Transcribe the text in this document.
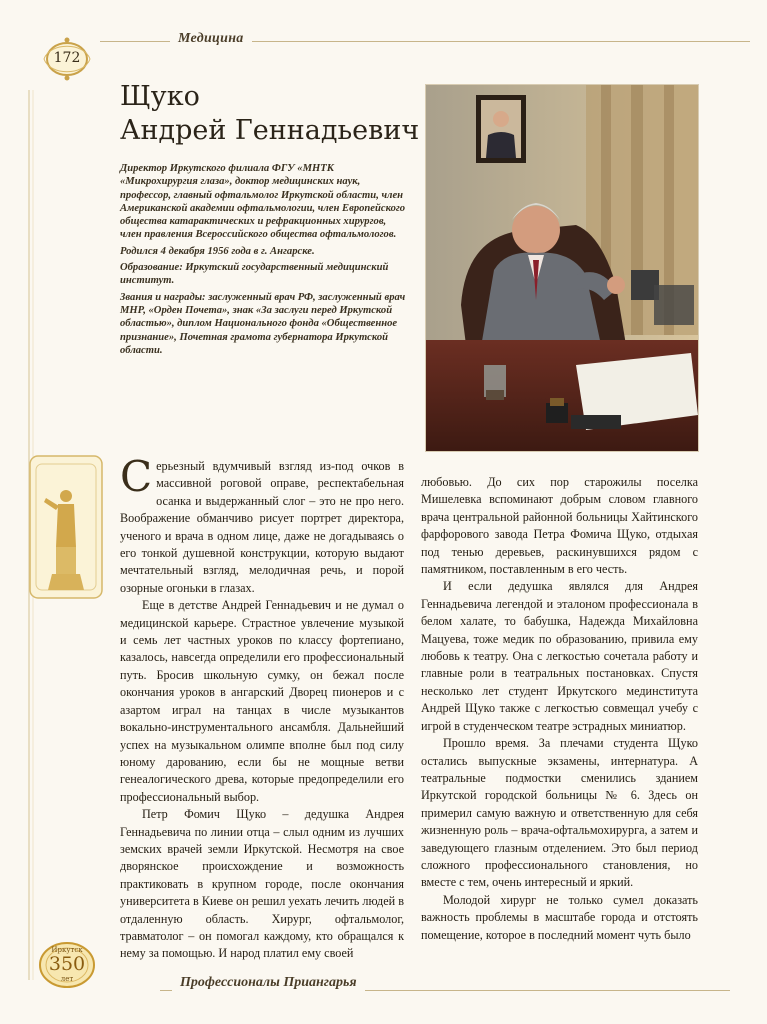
172
Медицина
Щуко
Андрей Геннадьевич

Директор Иркутского филиала ФГУ «МНТК «Микрохирургия глаза», доктор медицинских наук, профессор, главный офтальмолог Иркутской области, член Американской академии офтальмологии, член Европейского общества катарактических и рефракционных хирургов, член правления Всероссийского общества офтальмологов.

Родился 4 декабря 1956 года в г. Ангарске.

Образование: Иркутский государственный медицинский институт.

Звания и награды: заслуженный врач РФ, заслуженный врач МНР, «Орден Почета», знак «За заслуги перед Иркутской областью», диплом Национального фонда «Общественное признание», Почетная грамота губернатора Иркутской области.

Серьезный вдумчивый взгляд из-под очков в массивной роговой оправе, респектабельная осанка и выдержанный слог – это не про него. Воображение обманчиво рисует портрет директора, ученого и врача в одном лице, даже не догадываясь о его тонкой душевной конструкции, которую выдают мечтательный взгляд, мелодичная речь, и порой озорные огоньки в глазах.

Еще в детстве Андрей Геннадьевич и не думал о медицинской карьере. Страстное увлечение музыкой и семь лет частных уроков по классу фортепиано, казалось, навсегда определили его профессиональный путь. Бросив школьную сумку, он бежал после окончания уроков в ангарский Дворец пионеров и с азартом играл на танцах в числе музыкантов вокально-инструментального ансамбля. Дальнейший успех на музыкальном олимпе вполне был под силу юному дарованию, если бы не мощные ветви генеалогического древа, которые предопределили его профессиональный выбор.

Петр Фомич Щуко – дедушка Андрея Геннадьевича по линии отца – слыл одним из лучших земских врачей земли Иркутской. Несмотря на свое дворянское происхождение и возможность практиковать в крупном городе, после окончания университета в Киеве он решил уехать лечить людей в отдаленную область. Хирург, офтальмолог, травматолог – он помогал каждому, кто обращался к нему за помощью. И народ платил ему своей

любовью. До сих пор старожилы поселка Мишелевка вспоминают добрым словом главного врача центральной районной больницы Хайтинского фарфорового завода Петра Фомича Щуко, отдыхая под тенью деревьев, раскинувшихся рядом с памятником, поставленным в его честь.

И если дедушка являлся для Андрея Геннадьевича легендой и эталоном профессионала в белом халате, то бабушка, Надежда Михайловна Мацуева, тоже медик по образованию, привила ему любовь к театру. Она с легкостью сочетала работу и главные роли в театральных постановках. Спустя несколько лет студент Иркутского мединститута Андрей Щуко также с легкостью совмещал учебу с игрой в студенческом театре эстрадных миниатюр.

Прошло время. За плечами студента Щуко остались выпускные экзамены, интернатура. А театральные подмостки сменились зданием Иркутской городской больницы № 6. Здесь он примерил самую важную и ответственную для себя жизненную роль – врача-офтальмохирурга, а затем и заведующего глазным отделением. Это был период сложного профессионального становления, но вместе с тем, очень интересный и яркий.

Молодой хирург не только сумел доказать важность проблемы в масштабе города и отстоять помещение, которое в последний момент чуть было

Иркутск
350
лет	Профессионалы Приангарья
